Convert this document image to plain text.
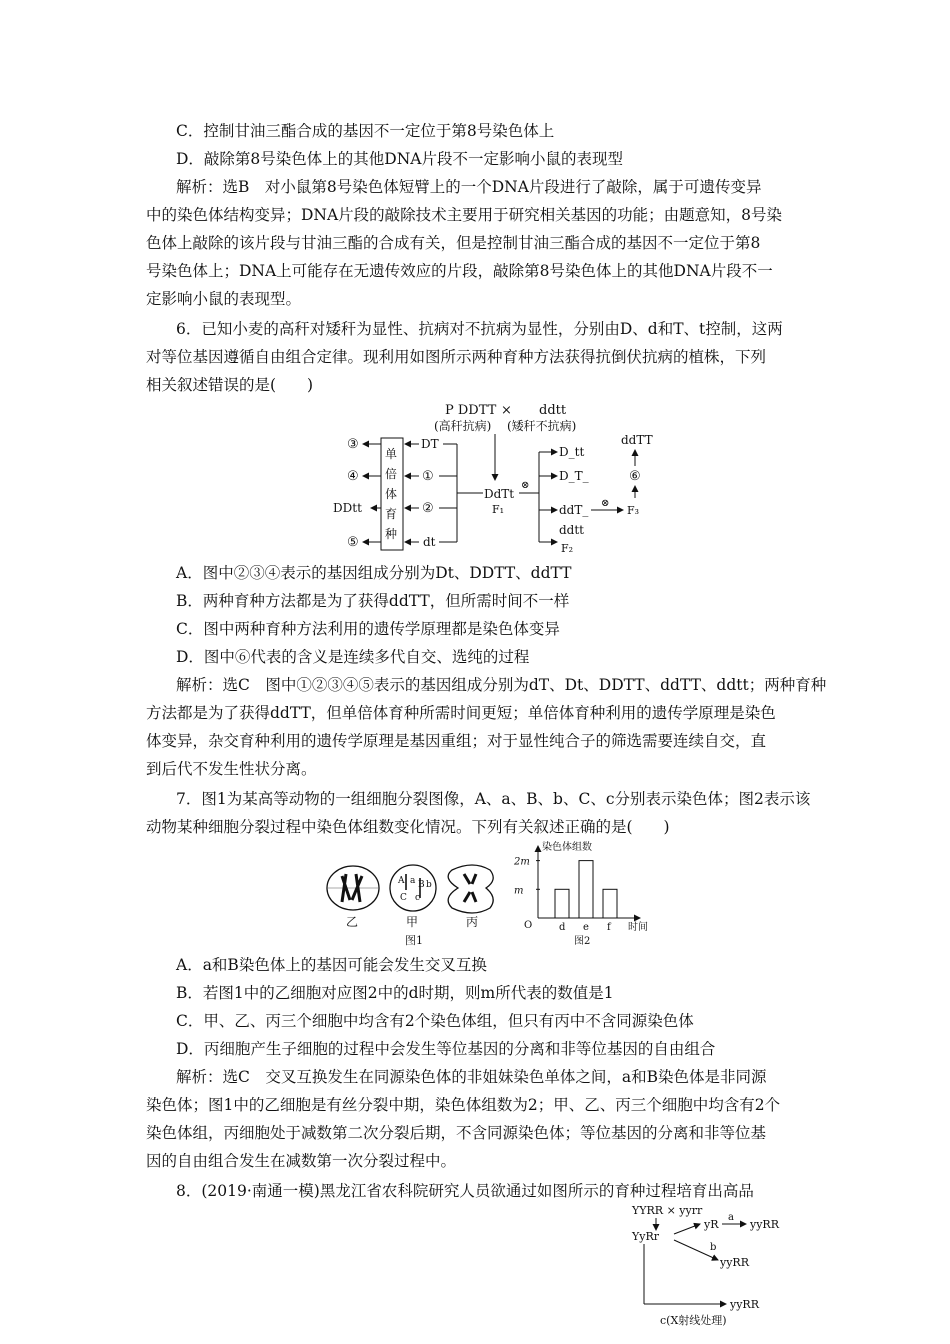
C．控制甘油三酯合成的基因不一定位于第8号染色体上
D．敲除第8号染色体上的其他DNA片段不一定影响小鼠的表现型
解析：选B　对小鼠第8号染色体短臂上的一个DNA片段进行了敲除，属于可遗传变异
中的染色体结构变异；DNA片段的敲除技术主要用于研究相关基因的功能；由题意知，8号染
色体上敲除的该片段与甘油三酯的合成有关，但是控制甘油三酯合成的基因不一定位于第8
号染色体上；DNA上可能存在无遗传效应的片段，敲除第8号染色体上的其他DNA片段不一
定影响小鼠的表现型。
6．已知小麦的高秆对矮秆为显性、抗病对不抗病为显性，分别由D、d和T、t控制，这两
对等位基因遵循自由组合定律。现利用如图所示两种育种方法获得抗倒伏抗病的植株，下列
相关叙述错误的是(　　)
P DDTT × ddtt
(高秆抗病) (矮秆不抗病)
单
倍
体
育
种
③
④
DDtt
⑤
DT
①
②
dt
DdTt
F₁
⊗
D_tt
D_T_
ddT_
ddtt
F₂
⊗
F₃
⑥
ddTT
A．图中②③④表示的基因组成分别为Dt、DDTT、ddTT
B．两种育种方法都是为了获得ddTT，但所需时间不一样
C．图中两种育种方法利用的遗传学原理都是染色体变异
D．图中⑥代表的含义是连续多代自交、选纯的过程
解析：选C　图中①②③④⑤表示的基因组成分别为dT、Dt、DDTT、ddTT、ddtt；两种育种
方法都是为了获得ddTT，但单倍体育种所需时间更短；单倍体育种利用的遗传学原理是染色
体变异，杂交育种利用的遗传学原理是基因重组；对于显性纯合子的筛选需要连续自交，直
到后代不发生性状分离。
7．图1为某高等动物的一组细胞分裂图像，A、a、B、b、C、c分别表示染色体；图2表示该
动物某种细胞分裂过程中染色体组数变化情况。下列有关叙述正确的是(　　)
乙
A a B b
C c
甲	丙
图1
染色体组数
O	时间
图2
d e f
2m
m
A．a和B染色体上的基因可能会发生交叉互换
B．若图1中的乙细胞对应图2中的d时期，则m所代表的数值是1
C．甲、乙、丙三个细胞中均含有2个染色体组，但只有丙中不含同源染色体
D．丙细胞产生子细胞的过程中会发生等位基因的分离和非等位基因的自由组合
解析：选C　交叉互换发生在同源染色体的非姐妹染色单体之间，a和B染色体是非同源
染色体；图1中的乙细胞是有丝分裂中期，染色体组数为2；甲、乙、丙三个细胞中均含有2个
染色体组，丙细胞处于减数第二次分裂后期，不含同源染色体；等位基因的分离和非等位基
因的自由组合发生在减数第一次分裂过程中。
8．(2019·南通一模)黑龙江省农科院研究人员欲通过如图所示的育种过程培育出高品
YYRR × yyrr
YyRr
yR
a
yyRR
b
yyRR
yyRR
c(X射线处理)
